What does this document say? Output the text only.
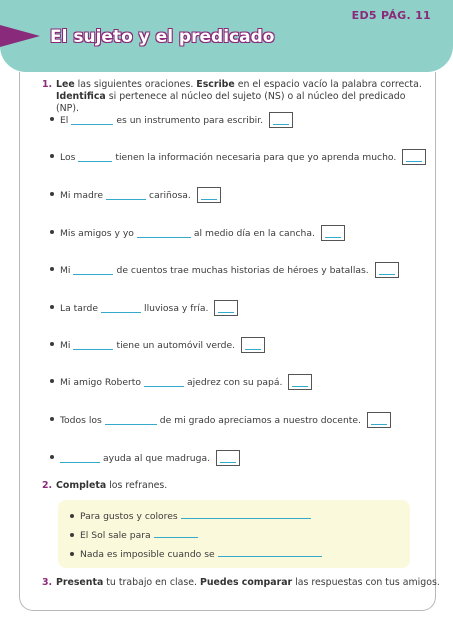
ED5 PÁG. 11
El sujeto y el predicado
1. Lee las siguientes oraciones. Escribe en el espacio vacío la palabra correcta.
Identifica si pertenece al núcleo del sujeto (NS) o al núcleo del predicado (NP).
El	es un instrumento para escribir.
Los	tienen la información necesaria para que yo aprenda mucho.
Mi madre	cariñosa.
Mis amigos y yo	al medio día en la cancha.
Mi	de cuentos trae muchas historias de héroes y batallas.
La tarde	lluviosa y fría.
Mi	tiene un automóvil verde.
Mi amigo Roberto	ajedrez con su papá.
Todos los	de mi grado apreciamos a nuestro docente.
ayuda al que madruga.
2. Completa los refranes.
Para gustos y colores
El Sol sale para
Nada es imposible cuando se
3. Presenta tu trabajo en clase. Puedes comparar las respuestas con tus amigos.
